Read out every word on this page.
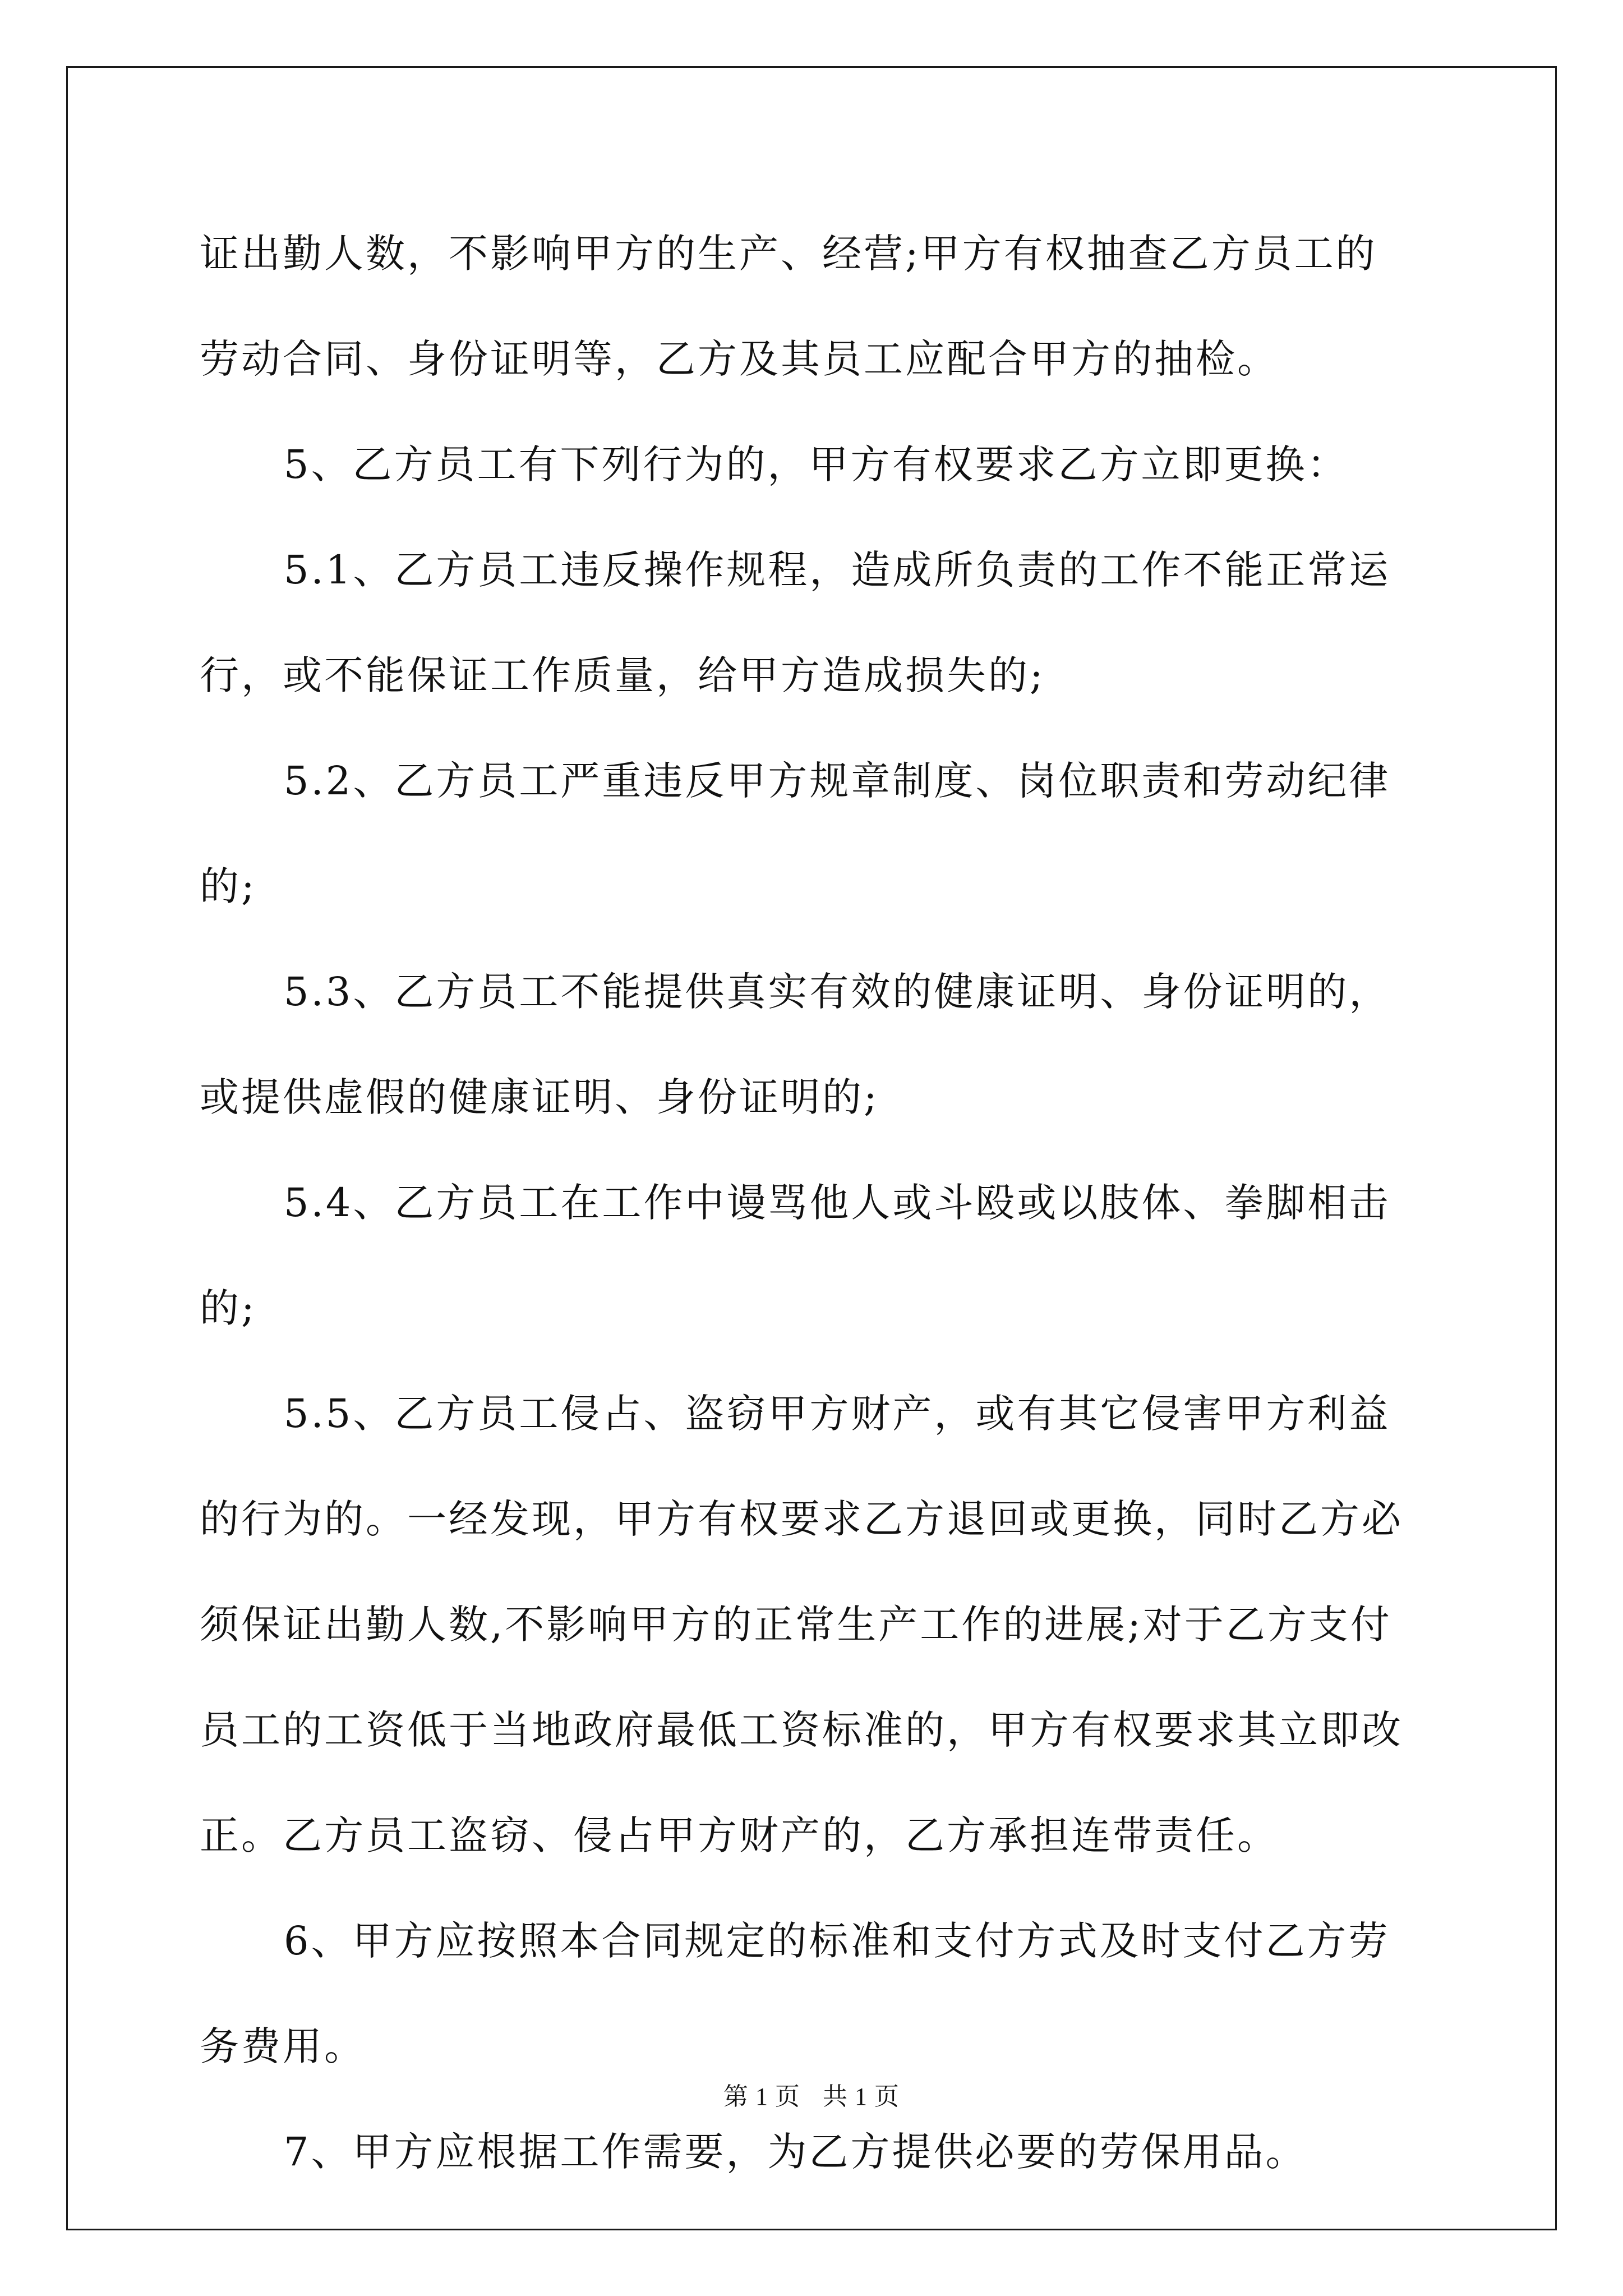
证出勤人数，不影响甲方的生产、经营;甲方有权抽查乙方员工的劳动合同、身份证明等，乙方及其员工应配合甲方的抽检。

5、乙方员工有下列行为的，甲方有权要求乙方立即更换：

5.1、乙方员工违反操作规程，造成所负责的工作不能正常运行，或不能保证工作质量，给甲方造成损失的;

5.2、乙方员工严重违反甲方规章制度、岗位职责和劳动纪律的;

5.3、乙方员工不能提供真实有效的健康证明、身份证明的，或提供虚假的健康证明、身份证明的;

5.4、乙方员工在工作中谩骂他人或斗殴或以肢体、拳脚相击的;

5.5、乙方员工侵占、盗窃甲方财产，或有其它侵害甲方利益的行为的。一经发现，甲方有权要求乙方退回或更换，同时乙方必须保证出勤人数,不影响甲方的正常生产工作的进展;对于乙方支付员工的工资低于当地政府最低工资标准的，甲方有权要求其立即改正。乙方员工盗窃、侵占甲方财产的，乙方承担连带责任。

6、甲方应按照本合同规定的标准和支付方式及时支付乙方劳务费用。

7、甲方应根据工作需要，为乙方提供必要的劳保用品。

第 1 页 共 1 页
